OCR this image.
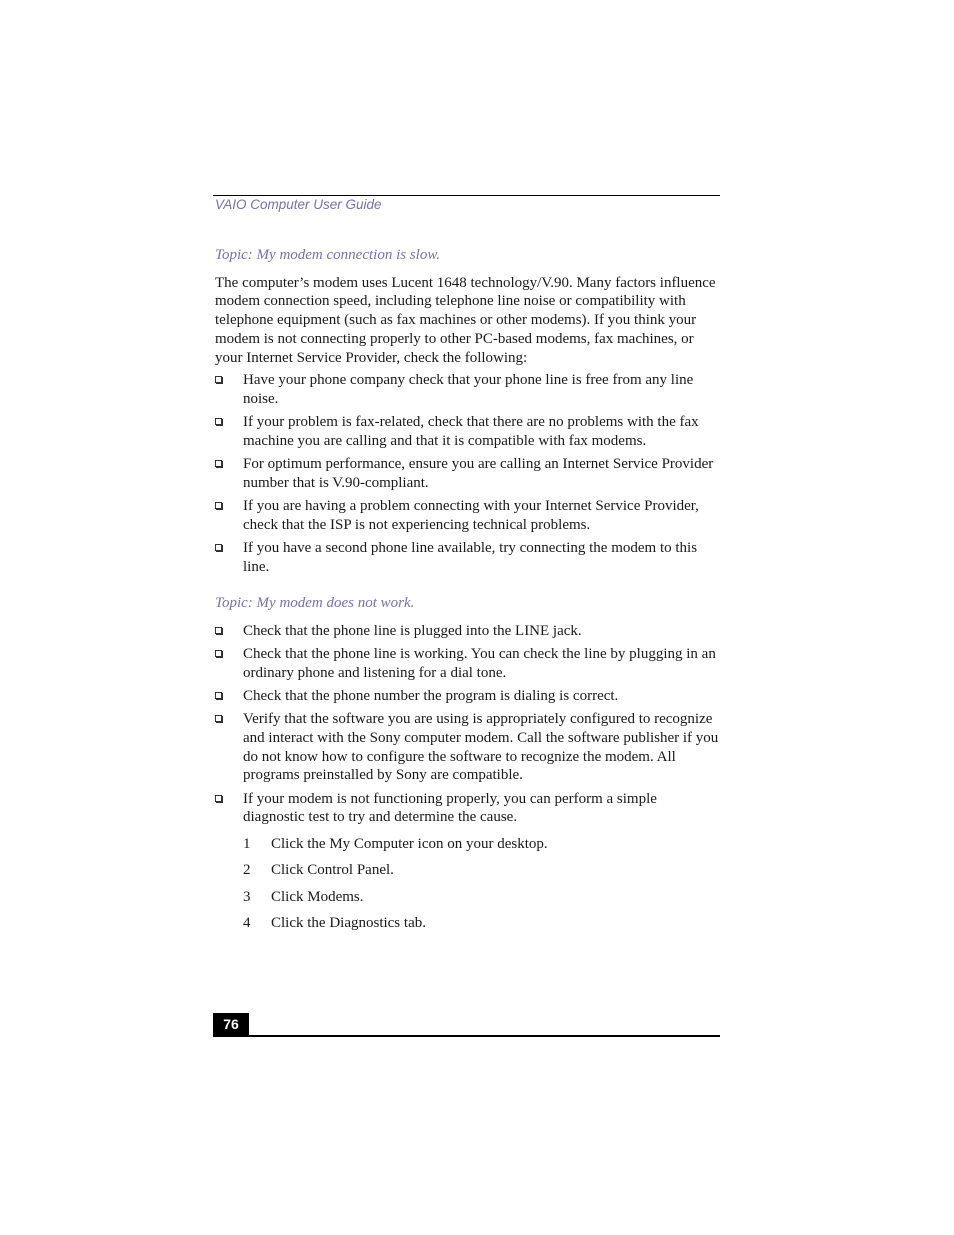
VAIO Computer User Guide
Topic: My modem connection is slow.

The computer’s modem uses Lucent 1648 technology/V.90. Many factors influence modem connection speed, including telephone line noise or compatibility with telephone equipment (such as fax machines or other modems). If you think your modem is not connecting properly to other PC-based modems, fax machines, or your Internet Service Provider, check the following:

Have your phone company check that your phone line is free from any line noise.
If your problem is fax-related, check that there are no problems with the fax machine you are calling and that it is compatible with fax modems.
For optimum performance, ensure you are calling an Internet Service Provider number that is V.90-compliant.
If you are having a problem connecting with your Internet Service Provider, check that the ISP is not experiencing technical problems.
If you have a second phone line available, try connecting the modem to this line.
Topic: My modem does not work.
Check that the phone line is plugged into the LINE jack.
Check that the phone line is working. You can check the line by plugging in an ordinary phone and listening for a dial tone.
Check that the phone number the program is dialing is correct.
Verify that the software you are using is appropriately configured to recognize and interact with the Sony computer modem. Call the software publisher if you do not know how to configure the software to recognize the modem. All programs preinstalled by Sony are compatible.
If your modem is not functioning properly, you can perform a simple diagnostic test to try and determine the cause.
1 Click the My Computer icon on your desktop.
2 Click Control Panel.
3 Click Modems.
4 Click the Diagnostics tab.
76
